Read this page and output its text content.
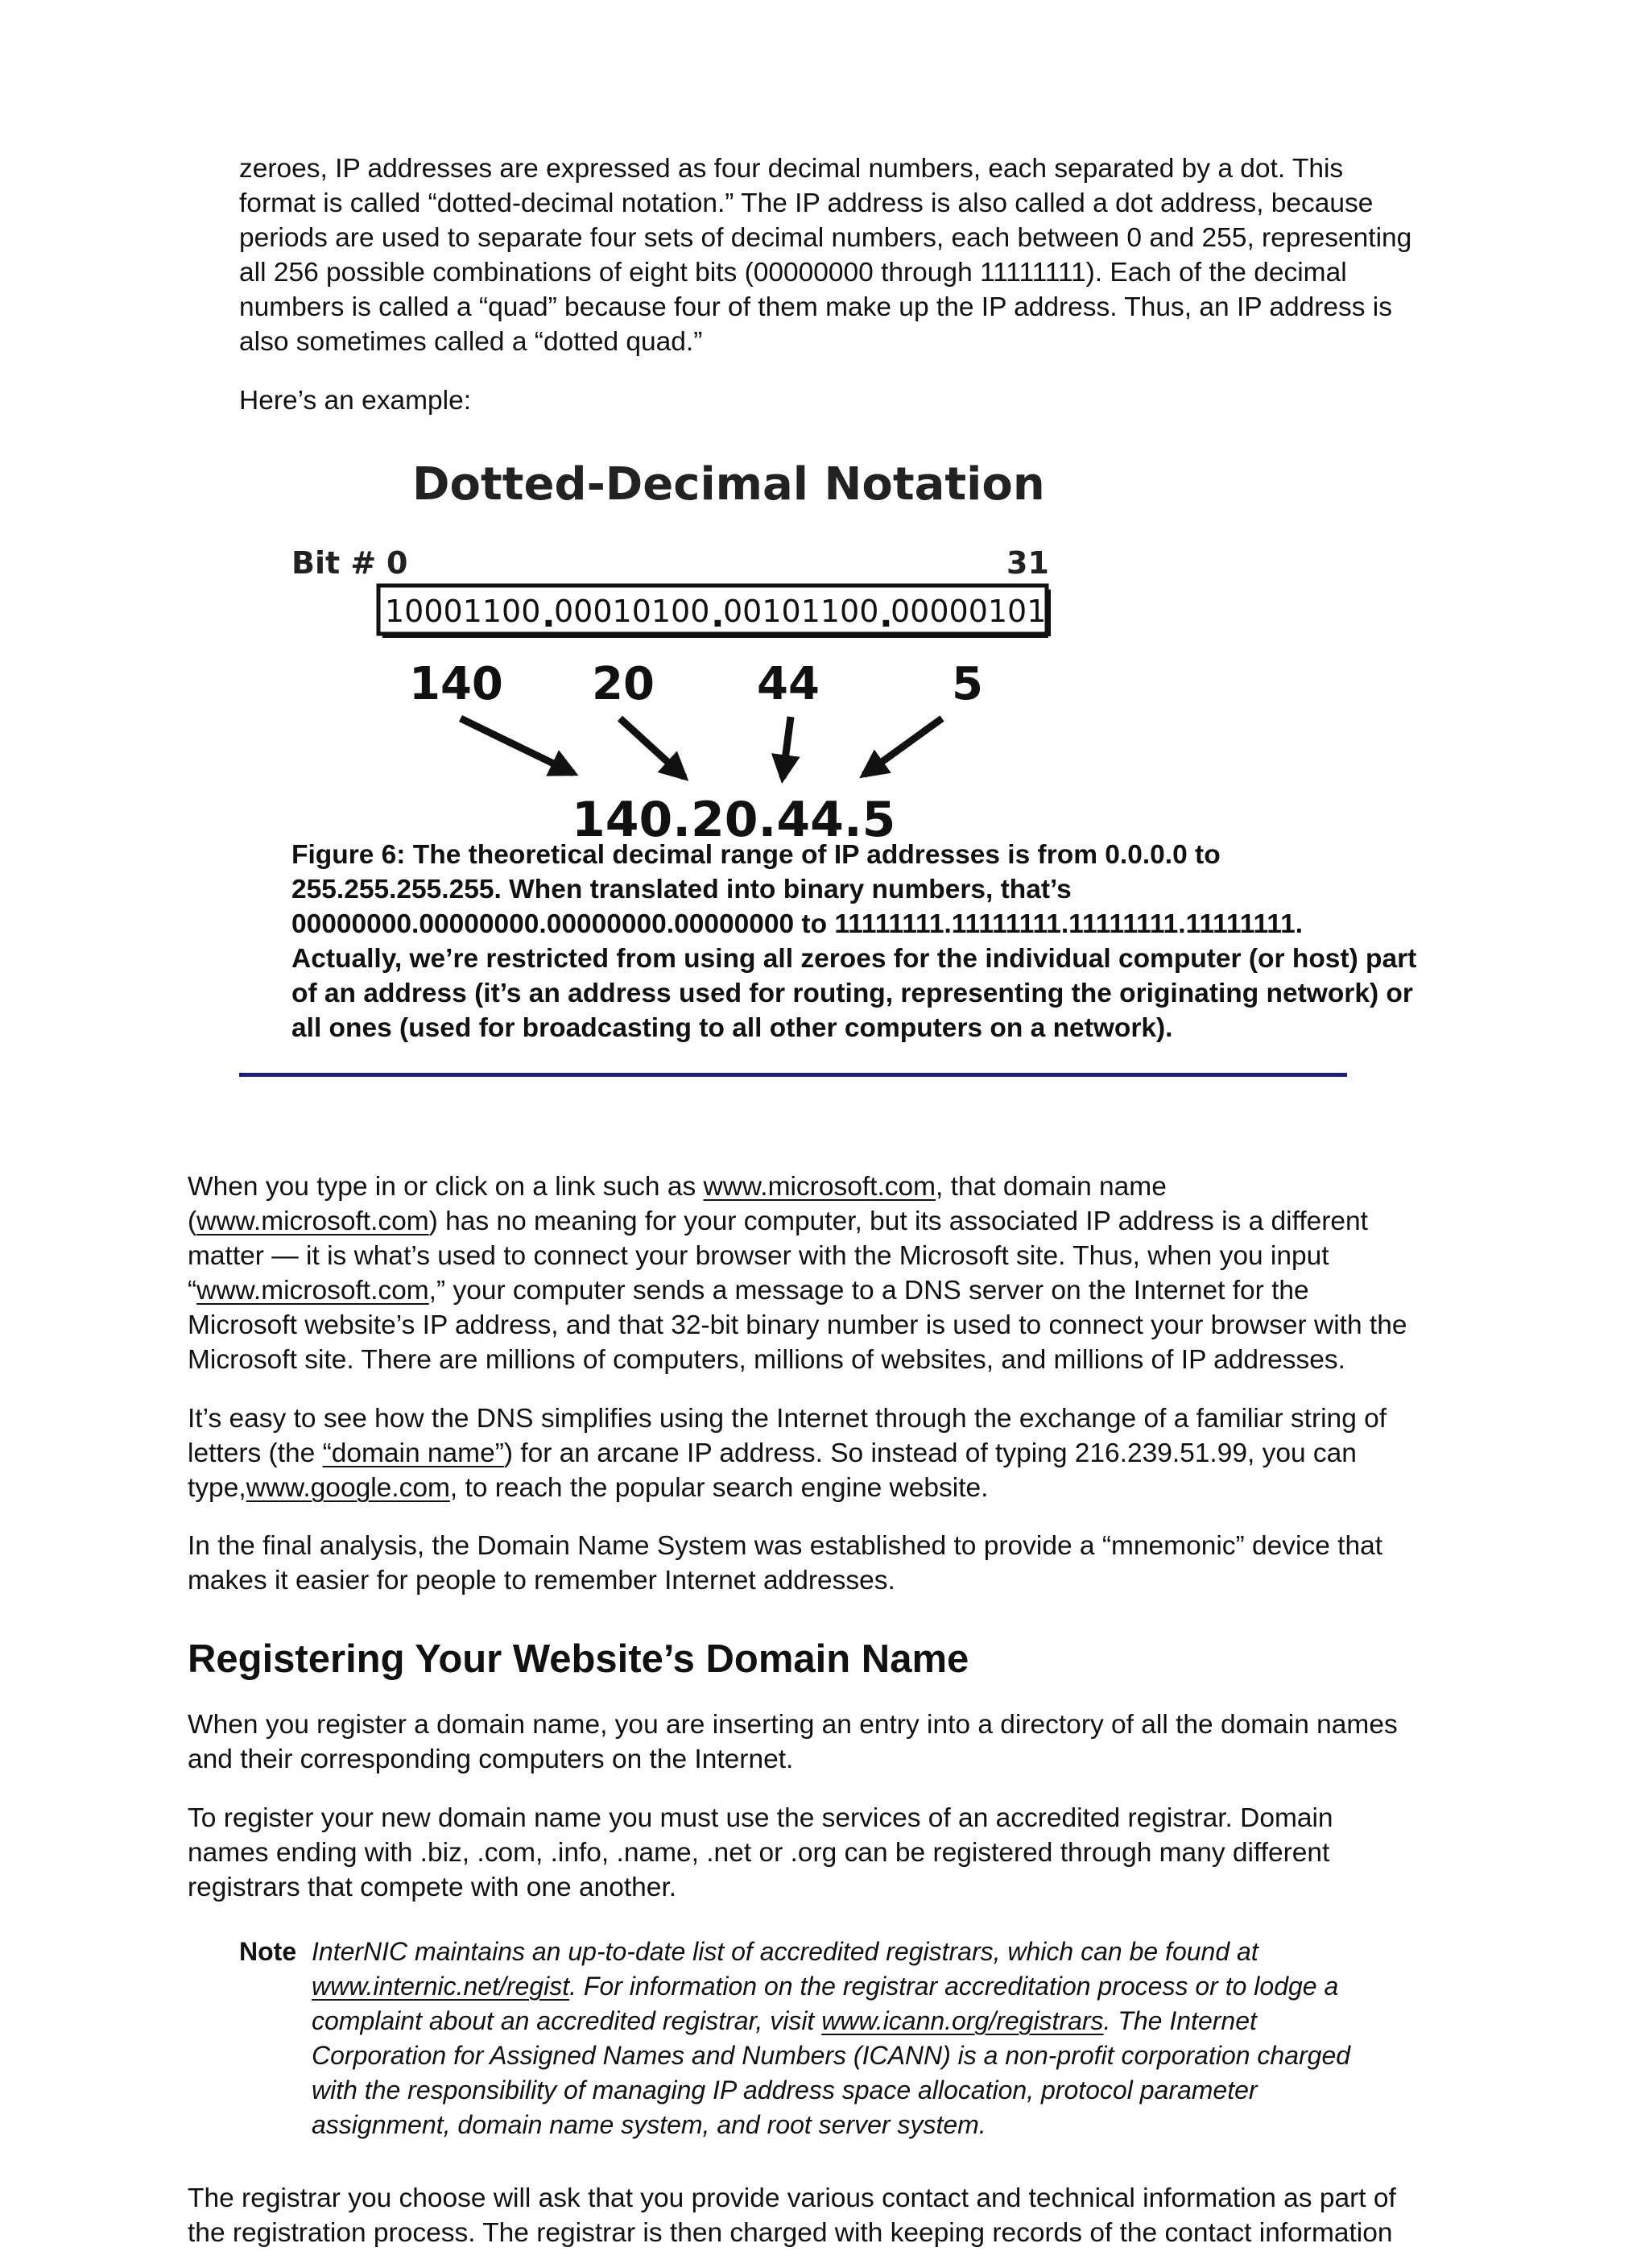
zeroes, IP addresses are expressed as four decimal numbers, each separated by a dot. This
format is called “dotted-decimal notation.” The IP address is also called a dot address, because
periods are used to separate four sets of decimal numbers, each between 0 and 255, representing
all 256 possible combinations of eight bits (00000000 through 11111111). Each of the decimal
numbers is called a “quad” because four of them make up the IP address. Thus, an IP address is
also sometimes called a “dotted quad.”

Here’s an example:

Dotted-Decimal Notation
Bit # 0	31
10001100 .
00010100 .
00101100 .
00000101
140 20 44	5
140.20.44.5

Figure 6: The theoretical decimal range of IP addresses is from 0.0.0.0 to
255.255.255.255. When translated into binary numbers, that’s
00000000.00000000.00000000.00000000 to 11111111.11111111.11111111.11111111.
Actually, we’re restricted from using all zeroes for the individual computer (or host) part
of an address (it’s an address used for routing, representing the originating network) or
all ones (used for broadcasting to all other computers on a network).

When you type in or click on a link such as www.microsoft.com, that domain name
(www.microsoft.com) has no meaning for your computer, but its associated IP address is a different
matter — it is what’s used to connect your browser with the Microsoft site. Thus, when you input
“www.microsoft.com,” your computer sends a message to a DNS server on the Internet for the
Microsoft website’s IP address, and that 32-bit binary number is used to connect your browser with the
Microsoft site. There are millions of computers, millions of websites, and millions of IP addresses.

It’s easy to see how the DNS simplifies using the Internet through the exchange of a familiar string of
letters (the “domain name”) for an arcane IP address. So instead of typing 216.239.51.99, you can
type,www.google.com, to reach the popular search engine website.

In the final analysis, the Domain Name System was established to provide a “mnemonic” device that
makes it easier for people to remember Internet addresses.

Registering Your Website’s Domain Name

When you register a domain name, you are inserting an entry into a directory of all the domain names
and their corresponding computers on the Internet.

To register your new domain name you must use the services of an accredited registrar. Domain
names ending with .biz, .com, .info, .name, .net or .org can be registered through many different
registrars that compete with one another.

Note InterNIC maintains an up-to-date list of accredited registrars, which can be found at
www.internic.net/regist. For information on the registrar accreditation process or to lodge a
complaint about an accredited registrar, visit www.icann.org/registrars. The Internet
Corporation for Assigned Names and Numbers (ICANN) is a non-profit corporation charged
with the responsibility of managing IP address space allocation, protocol parameter
assignment, domain name system, and root server system.

The registrar you choose will ask that you provide various contact and technical information as part of
the registration process. The registrar is then charged with keeping records of the contact information
